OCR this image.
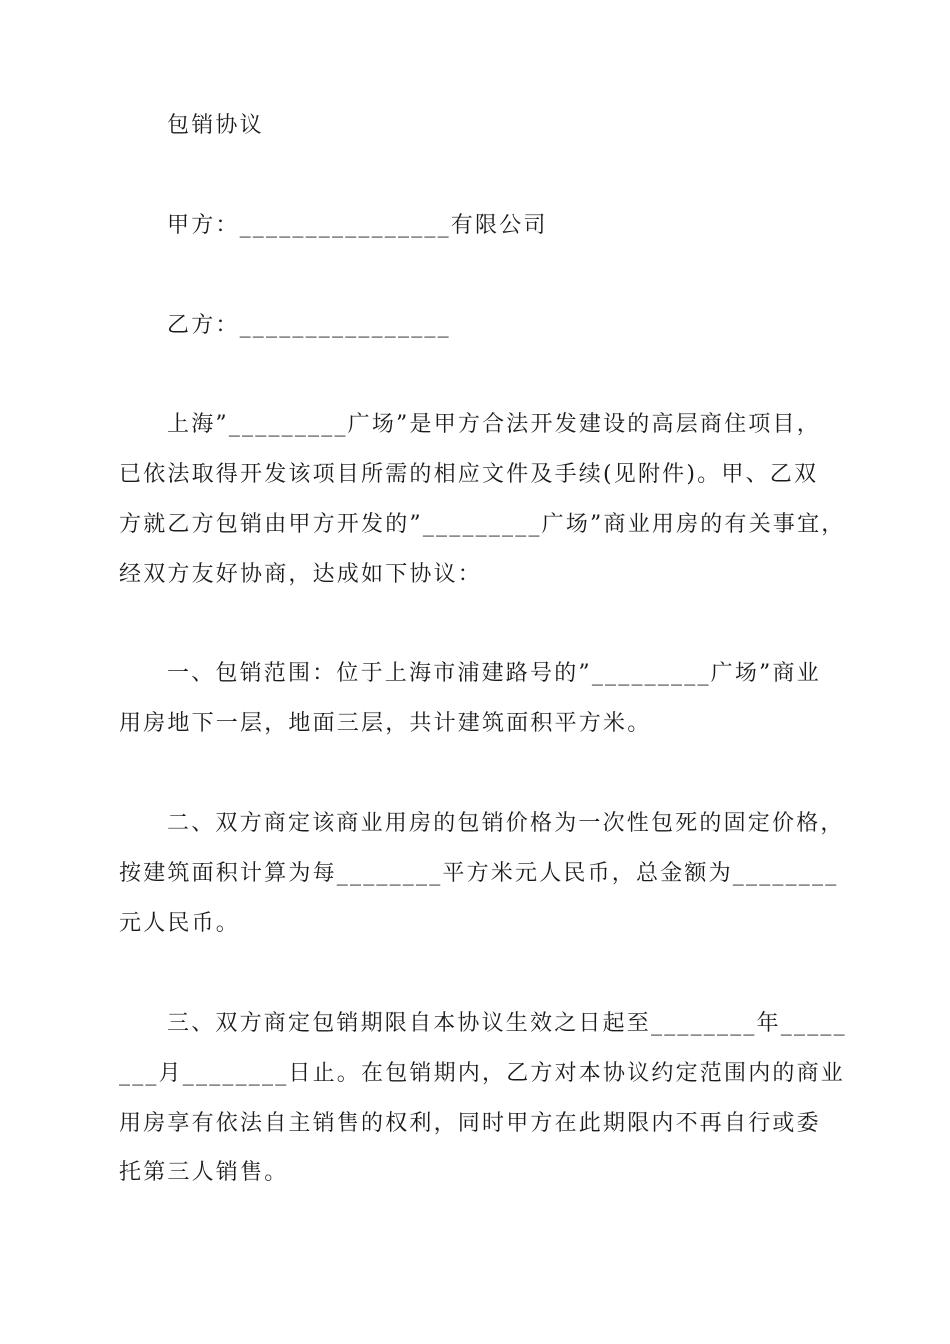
包销协议
甲方：________________有限公司
乙方：________________
上海”_________广场”是甲方合法开发建设的高层商住项目，
已依法取得开发该项目所需的相应文件及手续(见附件)。甲、乙双
方就乙方包销由甲方开发的”_________广场”商业用房的有关事宜，
经双方友好协商，达成如下协议：
一、包销范围：位于上海市浦建路号的”_________广场”商业
用房地下一层，地面三层，共计建筑面积平方米。
二、双方商定该商业用房的包销价格为一次性包死的固定价格，
按建筑面积计算为每________平方米元人民币，总金额为________
元人民币。
三、双方商定包销期限自本协议生效之日起至________年_____
___月________日止。在包销期内，乙方对本协议约定范围内的商业
用房享有依法自主销售的权利，同时甲方在此期限内不再自行或委
托第三人销售。
